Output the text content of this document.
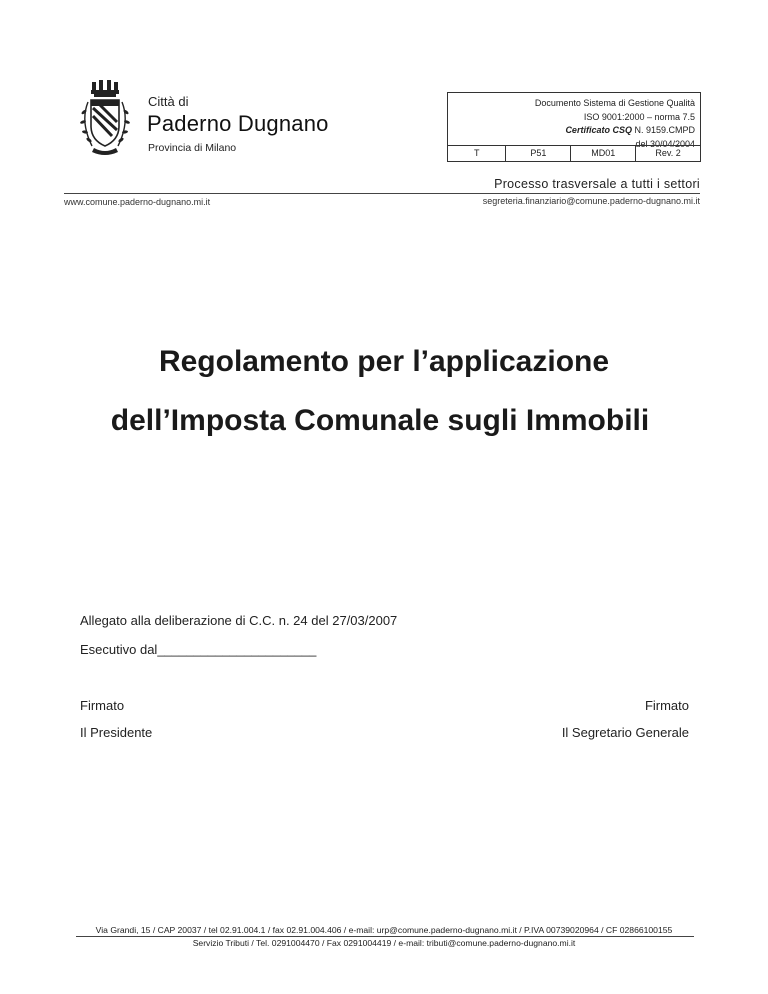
Città di
Paderno Dugnano
Provincia di Milano
Documento Sistema di Gestione Qualità
ISO 9001:2000 – norma 7.5
Certificato CSQ N. 9159.CMPD
del 30/04/2004
T	P51	MD01	Rev. 2
Processo trasversale a tutti i settori
www.comune.paderno-dugnano.mi.it	segreteria.finanziario@comune.paderno-dugnano.mi.it
Regolamento per l’applicazione
dell’Imposta Comunale sugli Immobili
Allegato alla deliberazione di C.C. n. 24 del 27/03/2007
Esecutivo dal______________________
Firmato	Firmato
Il Presidente	Il Segretario Generale
Via Grandi, 15 / CAP 20037 / tel 02.91.004.1 / fax 02.91.004.406 / e-mail: urp@comune.paderno-dugnano.mi.it / P.IVA 00739020964 / CF 02866100155
Servizio Tributi / Tel. 0291004470 / Fax 0291004419 / e-mail: tributi@comune.paderno-dugnano.mi.it
